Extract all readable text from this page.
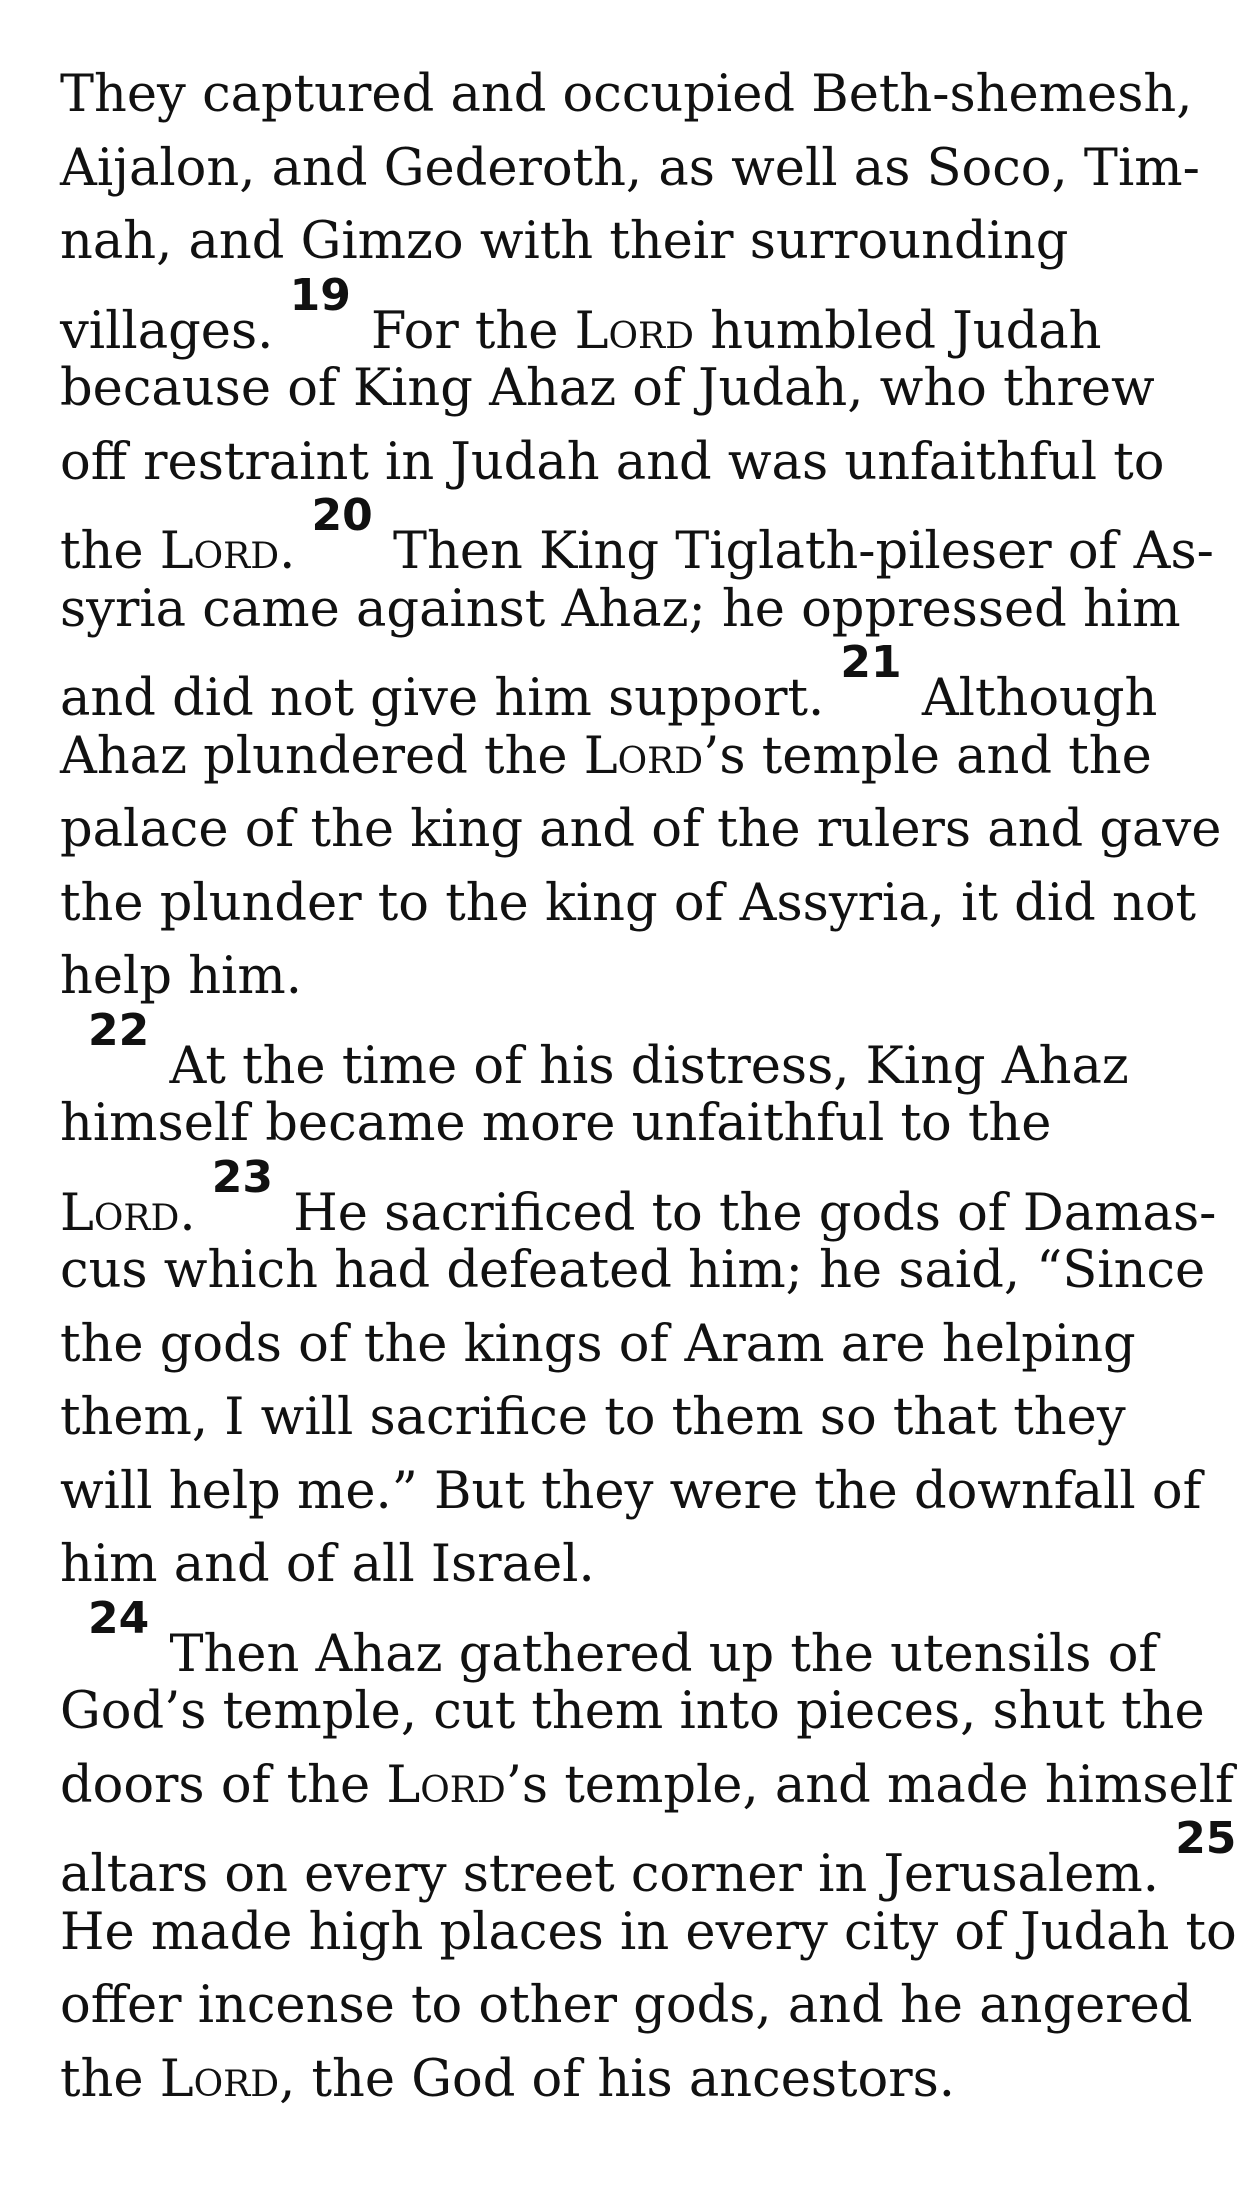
They captured and occupied Beth-shemesh,
Aijalon, and Gederoth, as well as Soco, Tim-
nah, and Gimzo with their surrounding
villages. $^{19}$ For the Lord humbled Judah
because of King Ahaz of Judah, who threw
off restraint in Judah and was unfaithful to
the Lord. $^{20}$ Then King Tiglath-pileser of As-
syria came against Ahaz; he oppressed him
and did not give him support. $^{21}$ Although
Ahaz plundered the Lord’s temple and the
palace of the king and of the rulers and gave
the plunder to the king of Assyria, it did not
help him.
$^{22}$ At the time of his distress, King Ahaz
himself became more unfaithful to the
Lord. $^{23}$ He sacrificed to the gods of Damas-
cus which had defeated him; he said, “Since
the gods of the kings of Aram are helping
them, I will sacrifice to them so that they
will help me.” But they were the downfall of
him and of all Israel.
$^{24}$ Then Ahaz gathered up the utensils of
God’s temple, cut them into pieces, shut the
doors of the Lord’s temple, and made himself
altars on every street corner in Jerusalem. $^{25}$
He made high places in every city of Judah to
offer incense to other gods, and he angered
the Lord, the God of his ancestors.
